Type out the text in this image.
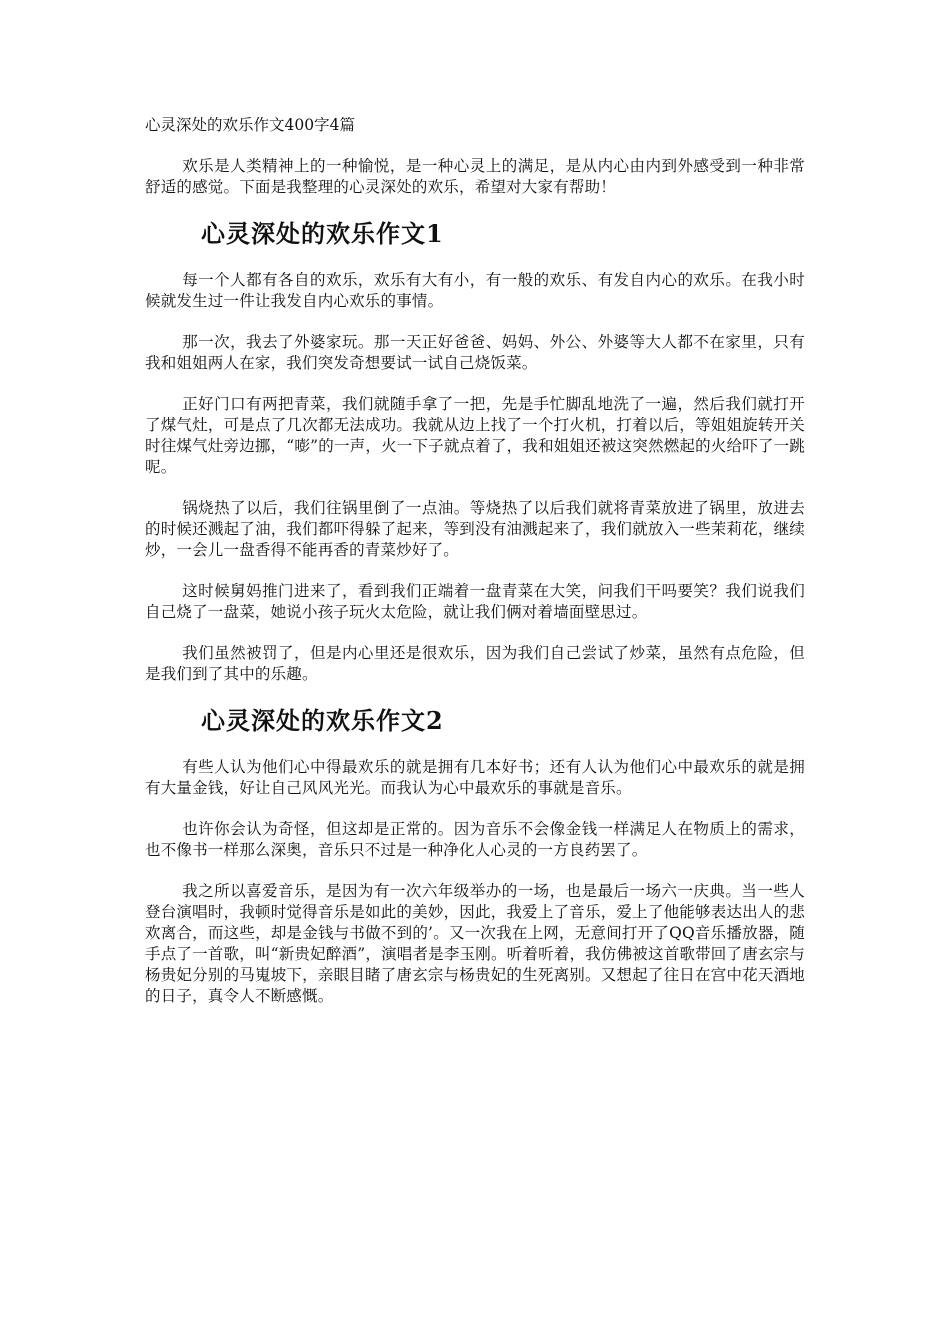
心灵深处的欢乐作文400字4篇

欢乐是人类精神上的一种愉悦，是一种心灵上的满足，是从内心由内到外感受到一种非常舒适的感觉。下面是我整理的心灵深处的欢乐，希望对大家有帮助！

心灵深处的欢乐作文1

每一个人都有各自的欢乐，欢乐有大有小，有一般的欢乐、有发自内心的欢乐。在我小时候就发生过一件让我发自内心欢乐的事情。

那一次，我去了外婆家玩。那一天正好爸爸、妈妈、外公、外婆等大人都不在家里，只有我和姐姐两人在家，我们突发奇想要试一试自己烧饭菜。

正好门口有两把青菜，我们就随手拿了一把，先是手忙脚乱地洗了一遍，然后我们就打开了煤气灶，可是点了几次都无法成功。我就从边上找了一个打火机，打着以后，等姐姐旋转开关时往煤气灶旁边挪，“嘭”的一声，火一下子就点着了，我和姐姐还被这突然燃起的火给吓了一跳呢。

锅烧热了以后，我们往锅里倒了一点油。等烧热了以后我们就将青菜放进了锅里，放进去的时候还溅起了油，我们都吓得躲了起来，等到没有油溅起来了，我们就放入一些茉莉花，继续炒，一会儿一盘香得不能再香的青菜炒好了。

这时候舅妈推门进来了，看到我们正端着一盘青菜在大笑，问我们干吗要笑？我们说我们自己烧了一盘菜，她说小孩子玩火太危险，就让我们俩对着墙面壁思过。

我们虽然被罚了，但是内心里还是很欢乐，因为我们自己尝试了炒菜，虽然有点危险，但是我们到了其中的乐趣。

心灵深处的欢乐作文2

有些人认为他们心中得最欢乐的就是拥有几本好书；还有人认为他们心中最欢乐的就是拥有大量金钱，好让自己风风光光。而我认为心中最欢乐的事就是音乐。

也许你会认为奇怪，但这却是正常的。因为音乐不会像金钱一样满足人在物质上的需求，也不像书一样那么深奥，音乐只不过是一种净化人心灵的一方良药罢了。

我之所以喜爱音乐，是因为有一次六年级举办的一场，也是最后一场六一庆典。当一些人登台演唱时，我顿时觉得音乐是如此的美妙，因此，我爱上了音乐，爱上了他能够表达出人的悲欢离合，而这些，却是金钱与书做不到的’。又一次我在上网，无意间打开了QQ音乐播放器，随手点了一首歌，叫“新贵妃醉酒”，演唱者是李玉刚。听着听着，我仿佛被这首歌带回了唐玄宗与杨贵妃分别的马嵬坡下，亲眼目睹了唐玄宗与杨贵妃的生死离别。又想起了往日在宫中花天酒地的日子，真令人不断感慨。
